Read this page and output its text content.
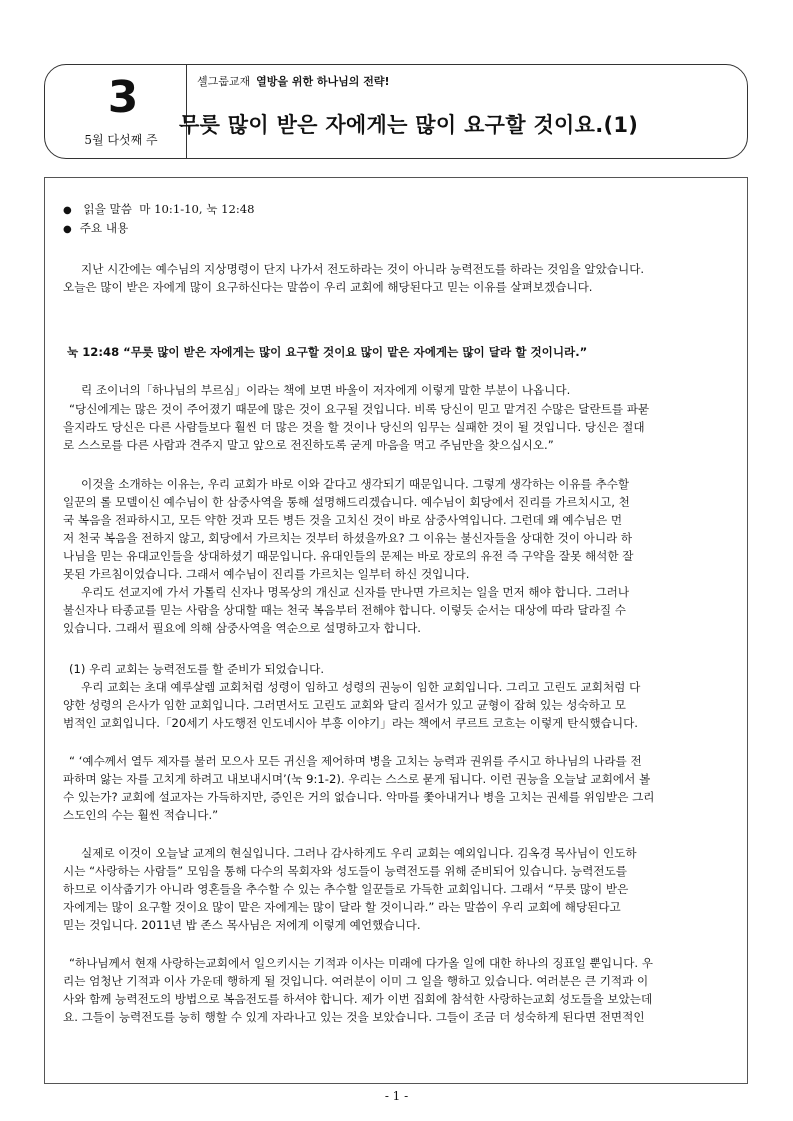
3
5월 다섯째 주
셀그룹교재 열방을 위한 하나님의 전략!
무릇 많이 받은 자에게는 많이 요구할 것이요.(1)
● 읽을 말씀 마 10:1-10, 눅 12:48
● 주요 내용
지난 시간에는 예수님의 지상명령이 단지 나가서 전도하라는 것이 아니라 능력전도를 하라는 것임을 알았습니다.
오늘은 많이 받은 자에게 많이 요구하신다는 말씀이 우리 교회에 해당된다고 믿는 이유를 살펴보겠습니다.
눅 12:48 “무릇 많이 받은 자에게는 많이 요구할 것이요 많이 맡은 자에게는 많이 달라 할 것이니라.”
릭 조이너의「하나님의 부르심」이라는 책에 보면 바울이 저자에게 이렇게 말한 부분이 나옵니다.
“당신에게는 많은 것이 주어졌기 때문에 많은 것이 요구될 것입니다. 비록 당신이 믿고 맡겨진 수많은 달란트를 파묻
을지라도 당신은 다른 사람들보다 훨씬 더 많은 것을 할 것이나 당신의 임무는 실패한 것이 될 것입니다. 당신은 절대
로 스스로를 다른 사람과 견주지 말고 앞으로 전진하도록 굳게 마음을 먹고 주님만을 찾으십시오.”
이것을 소개하는 이유는, 우리 교회가 바로 이와 같다고 생각되기 때문입니다. 그렇게 생각하는 이유를 추수할
일꾼의 롤 모델이신 예수님이 한 삼중사역을 통해 설명해드리겠습니다. 예수님이 회당에서 진리를 가르치시고, 천
국 복음을 전파하시고, 모든 약한 것과 모든 병든 것을 고치신 것이 바로 삼중사역입니다. 그런데 왜 예수님은 먼
저 천국 복음을 전하지 않고, 회당에서 가르치는 것부터 하셨을까요? 그 이유는 불신자들을 상대한 것이 아니라 하
나님을 믿는 유대교인들을 상대하셨기 때문입니다. 유대인들의 문제는 바로 장로의 유전 즉 구약을 잘못 해석한 잘
못된 가르침이었습니다. 그래서 예수님이 진리를 가르치는 일부터 하신 것입니다.
우리도 선교지에 가서 가톨릭 신자나 명목상의 개신교 신자를 만나면 가르치는 일을 먼저 해야 합니다. 그러나
불신자나 타종교를 믿는 사람을 상대할 때는 천국 복음부터 전해야 합니다. 이렇듯 순서는 대상에 따라 달라질 수
있습니다. 그래서 필요에 의해 삼중사역을 역순으로 설명하고자 합니다.
(1) 우리 교회는 능력전도를 할 준비가 되었습니다.
우리 교회는 초대 예루살렘 교회처럼 성령이 임하고 성령의 권능이 임한 교회입니다. 그리고 고린도 교회처럼 다
양한 성령의 은사가 임한 교회입니다. 그러면서도 고린도 교회와 달리 질서가 있고 균형이 잡혀 있는 성숙하고 모
범적인 교회입니다.「20세기 사도행전 인도네시아 부흥 이야기」라는 책에서 쿠르트 코흐는 이렇게 탄식했습니다.
“ ‘예수께서 열두 제자를 불러 모으사 모든 귀신을 제어하며 병을 고치는 능력과 권위를 주시고 하나님의 나라를 전
파하며 앓는 자를 고치게 하려고 내보내시며’(눅 9:1-2). 우리는 스스로 묻게 됩니다. 이런 권능을 오늘날 교회에서 볼
수 있는가? 교회에 설교자는 가득하지만, 증인은 거의 없습니다. 악마를 쫓아내거나 병을 고치는 권세를 위임받은 그리
스도인의 수는 훨씬 적습니다.”
실제로 이것이 오늘날 교계의 현실입니다. 그러나 감사하게도 우리 교회는 예외입니다. 김옥경 목사님이 인도하
시는 “사랑하는 사람들” 모임을 통해 다수의 목회자와 성도들이 능력전도를 위해 준비되어 있습니다. 능력전도를
하므로 이삭줍기가 아니라 영혼들을 추수할 수 있는 추수할 일꾼들로 가득한 교회입니다. 그래서 “무릇 많이 받은
자에게는 많이 요구할 것이요 많이 맡은 자에게는 많이 달라 할 것이니라.” 라는 말씀이 우리 교회에 해당된다고
믿는 것입니다. 2011년 밥 존스 목사님은 저에게 이렇게 예언했습니다.
“하나님께서 현재 사랑하는교회에서 일으키시는 기적과 이사는 미래에 다가올 일에 대한 하나의 징표일 뿐입니다. 우
리는 엄청난 기적과 이사 가운데 행하게 될 것입니다. 여러분이 이미 그 일을 행하고 있습니다. 여러분은 큰 기적과 이
사와 함께 능력전도의 방법으로 복음전도를 하셔야 합니다. 제가 이번 집회에 참석한 사랑하는교회 성도들을 보았는데
요. 그들이 능력전도를 능히 행할 수 있게 자라나고 있는 것을 보았습니다. 그들이 조금 더 성숙하게 된다면 전면적인
- 1 -
